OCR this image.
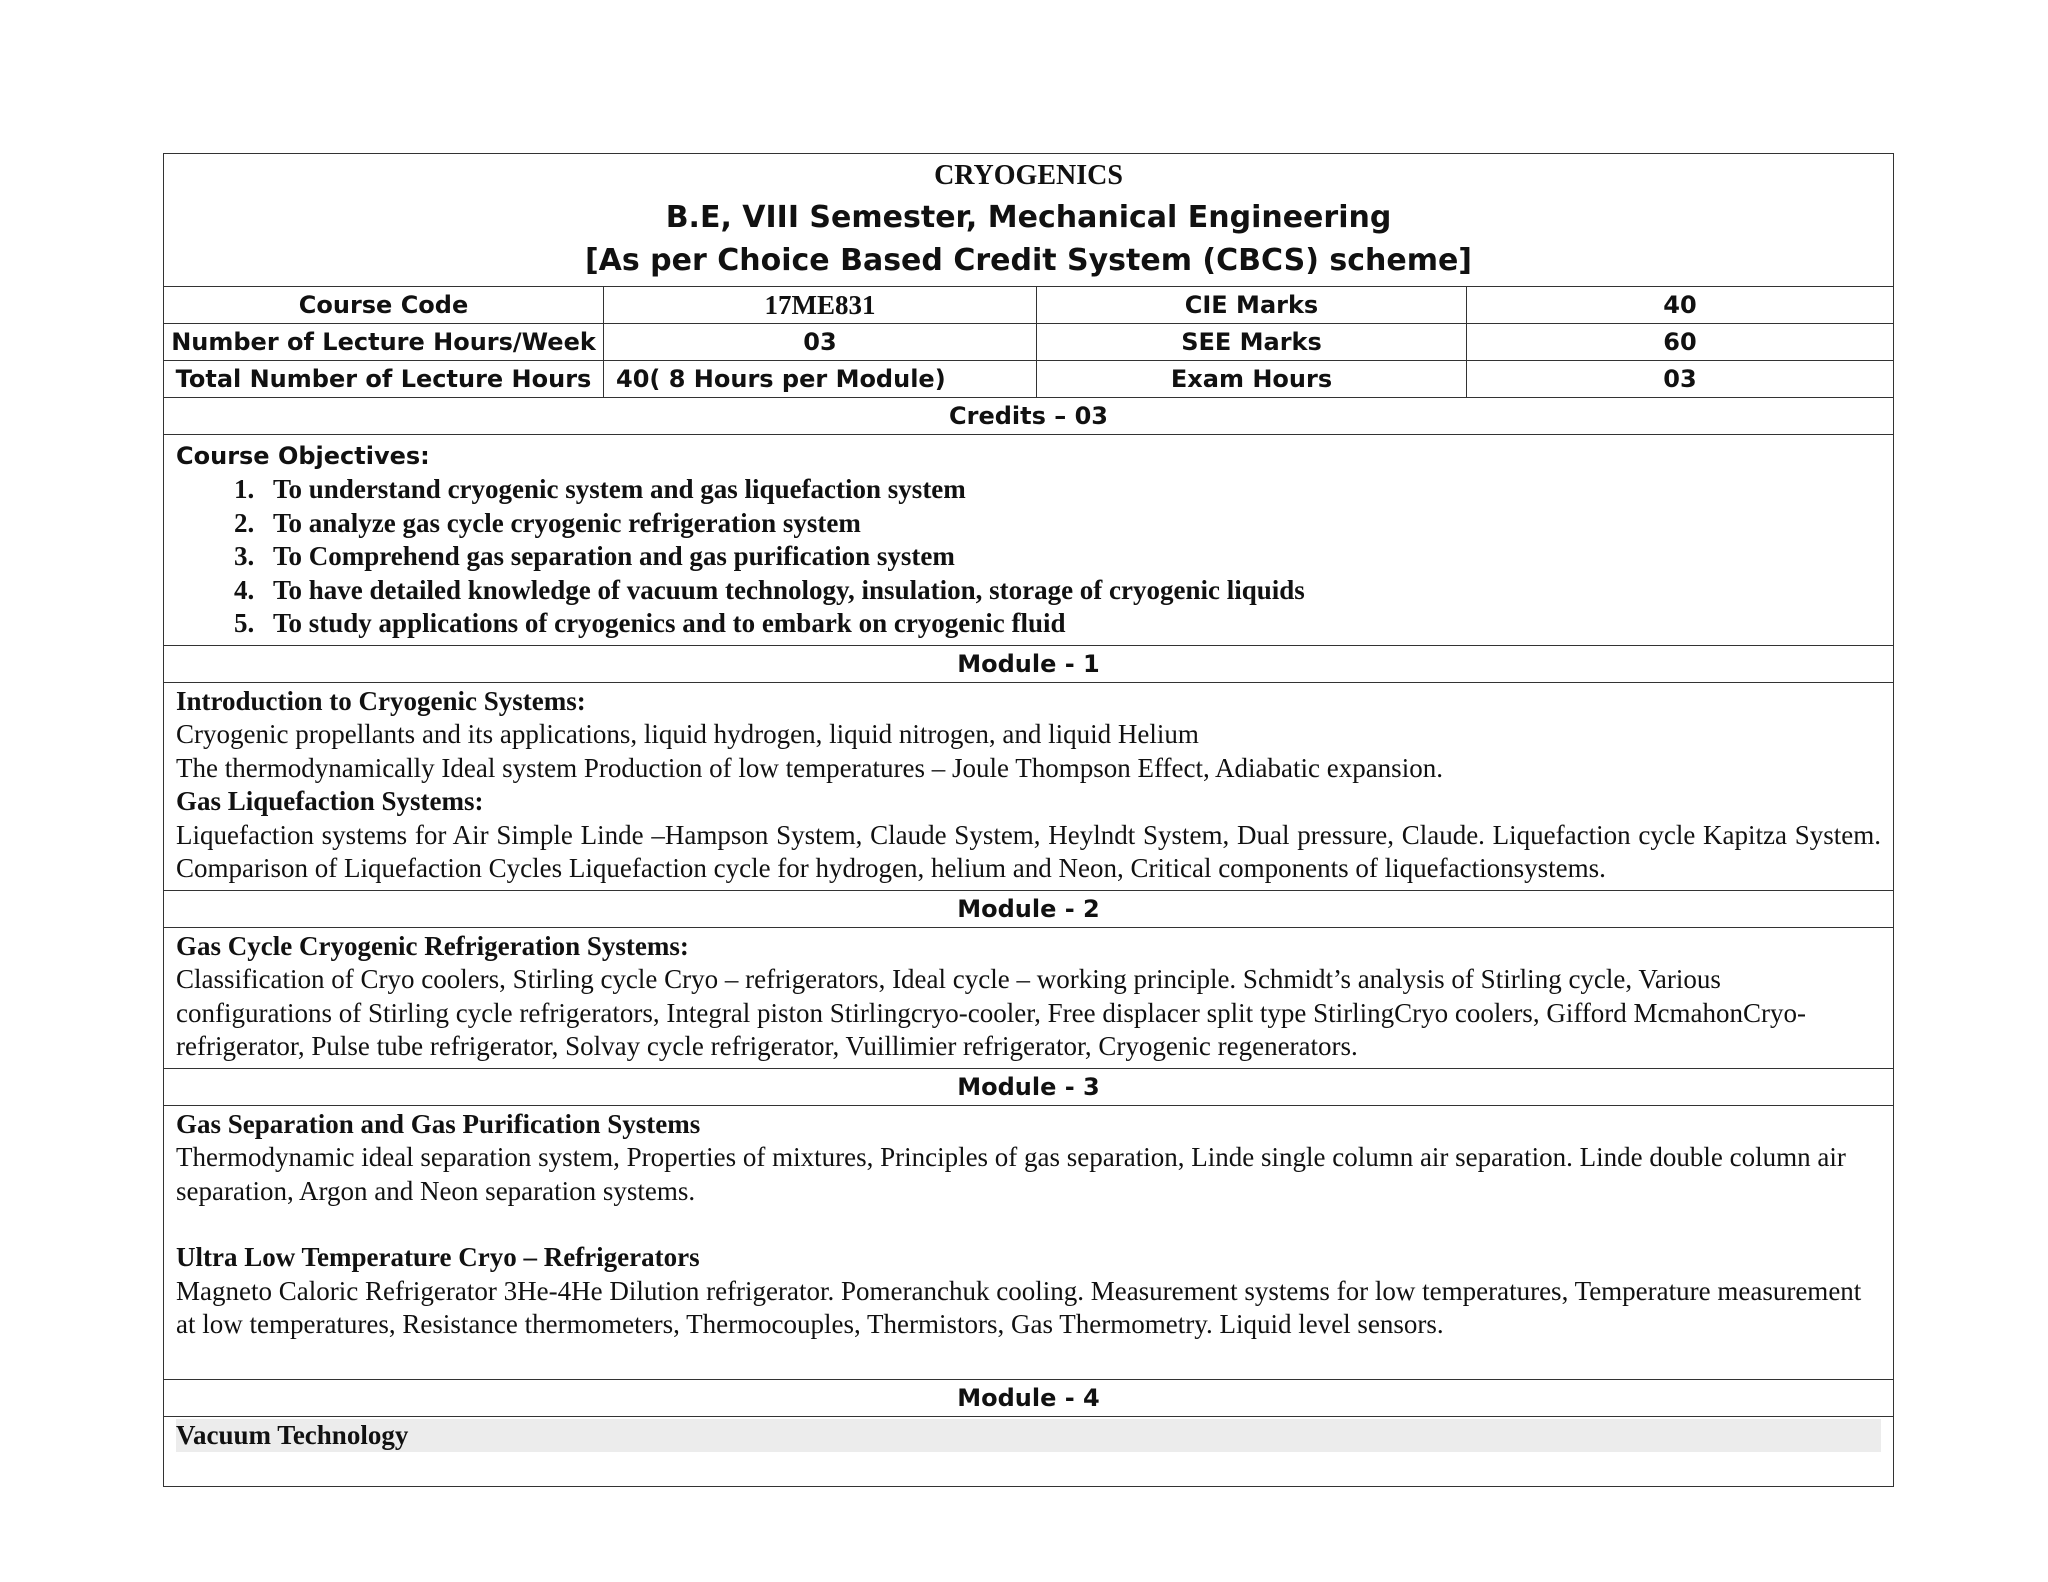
CRYOGENICS
B.E, VIII Semester, Mechanical Engineering
[As per Choice Based Credit System (CBCS) scheme]
Course Code	17ME831	CIE Marks	40
Number of Lecture Hours/Week	03	SEE Marks	60
Total Number of Lecture Hours	40( 8 Hours per Module)	Exam Hours	03
Credits – 03
Course Objectives:
1. To understand cryogenic system and gas liquefaction system
2. To analyze gas cycle cryogenic refrigeration system
3. To Comprehend gas separation and gas purification system
4. To have detailed knowledge of vacuum technology, insulation, storage of cryogenic liquids
5. To study applications of cryogenics and to embark on cryogenic fluid
Module - 1
Introduction to Cryogenic Systems:
Cryogenic propellants and its applications, liquid hydrogen, liquid nitrogen, and liquid Helium
The thermodynamically Ideal system Production of low temperatures – Joule Thompson Effect, Adiabatic expansion.
Gas Liquefaction Systems:
Liquefaction systems for Air Simple Linde –Hampson System, Claude System, Heylndt System, Dual pressure, Claude. Liquefaction cycle Kapitza System. Comparison of Liquefaction Cycles Liquefaction cycle for hydrogen, helium and Neon, Critical components of liquefactionsystems.
Module - 2
Gas Cycle Cryogenic Refrigeration Systems:
Classification of Cryo coolers, Stirling cycle Cryo – refrigerators, Ideal cycle – working principle. Schmidt’s analysis of Stirling cycle, Various configurations of Stirling cycle refrigerators, Integral piston Stirlingcryo-cooler, Free displacer split type StirlingCryo coolers, Gifford McmahonCryo- refrigerator, Pulse tube refrigerator, Solvay cycle refrigerator, Vuillimier refrigerator, Cryogenic regenerators.
Module - 3
Gas Separation and Gas Purification Systems
Thermodynamic ideal separation system, Properties of mixtures, Principles of gas separation, Linde single column air separation. Linde double column air separation, Argon and Neon separation systems.
Ultra Low Temperature Cryo – Refrigerators
Magneto Caloric Refrigerator 3He-4He Dilution refrigerator. Pomeranchuk cooling. Measurement systems for low temperatures, Temperature measurement at low temperatures, Resistance thermometers, Thermocouples, Thermistors, Gas Thermometry. Liquid level sensors.
Module - 4
Vacuum Technology
